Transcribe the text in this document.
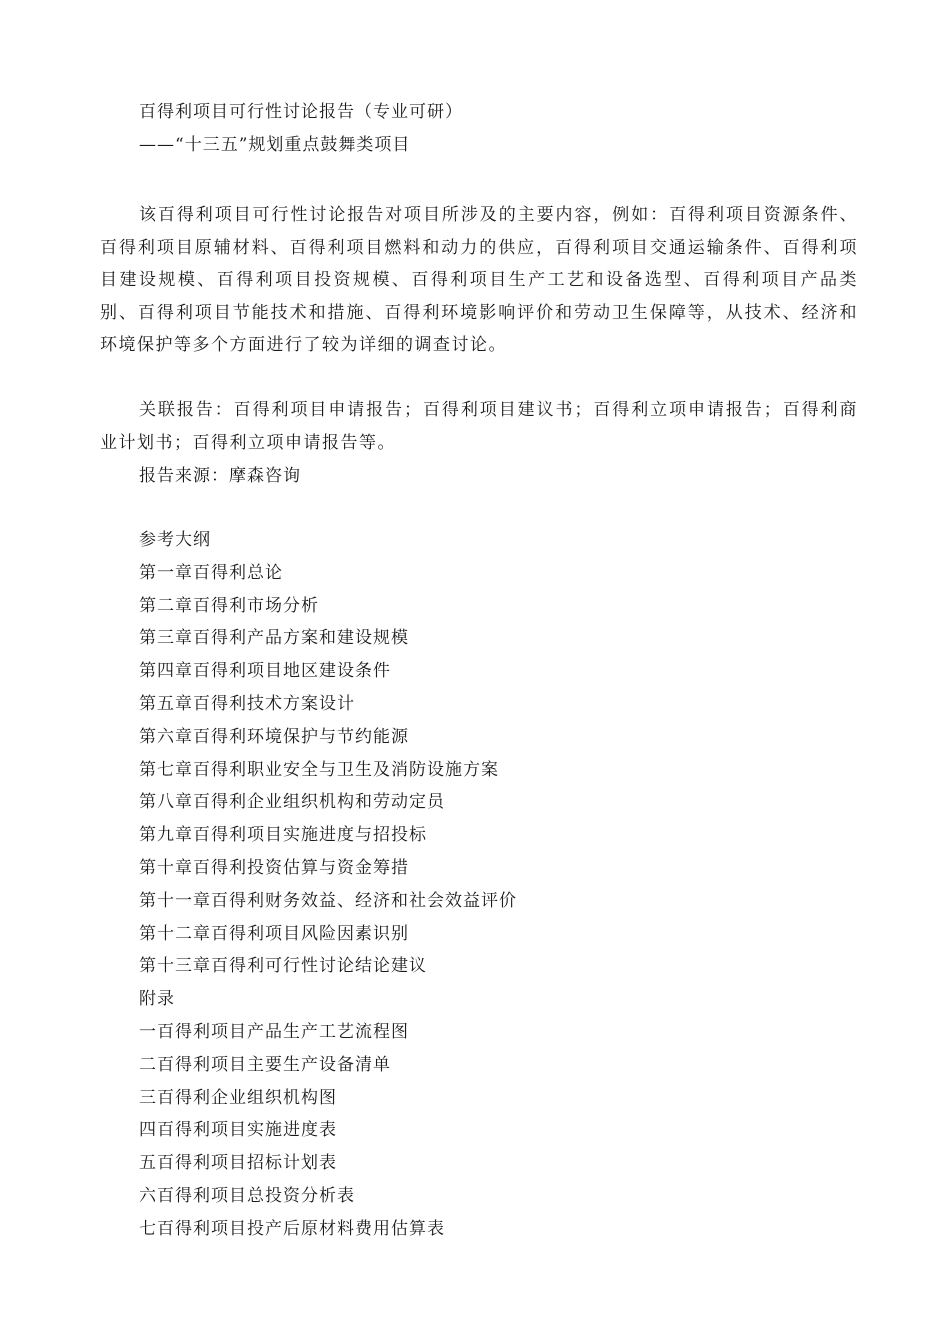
百得利项目可行性讨论报告（专业可研）
——“十三五”规划重点鼓舞类项目
该百得利项目可行性讨论报告对项目所涉及的主要内容，例如：百得利项目资源条件、百得利项目原辅材料、百得利项目燃料和动力的供应，百得利项目交通运输条件、百得利项目建设规模、百得利项目投资规模、百得利项目生产工艺和设备选型、百得利项目产品类别、百得利项目节能技术和措施、百得利环境影响评价和劳动卫生保障等，从技术、经济和环境保护等多个方面进行了较为详细的调查讨论。
关联报告：百得利项目申请报告；百得利项目建议书；百得利立项申请报告；百得利商业计划书；百得利立项申请报告等。
报告来源：摩森咨询
参考大纲
第一章百得利总论
第二章百得利市场分析
第三章百得利产品方案和建设规模
第四章百得利项目地区建设条件
第五章百得利技术方案设计
第六章百得利环境保护与节约能源
第七章百得利职业安全与卫生及消防设施方案
第八章百得利企业组织机构和劳动定员
第九章百得利项目实施进度与招投标
第十章百得利投资估算与资金筹措
第十一章百得利财务效益、经济和社会效益评价
第十二章百得利项目风险因素识别
第十三章百得利可行性讨论结论建议
附录
一百得利项目产品生产工艺流程图
二百得利项目主要生产设备清单
三百得利企业组织机构图
四百得利项目实施进度表
五百得利项目招标计划表
六百得利项目总投资分析表
七百得利项目投产后原材料费用估算表
